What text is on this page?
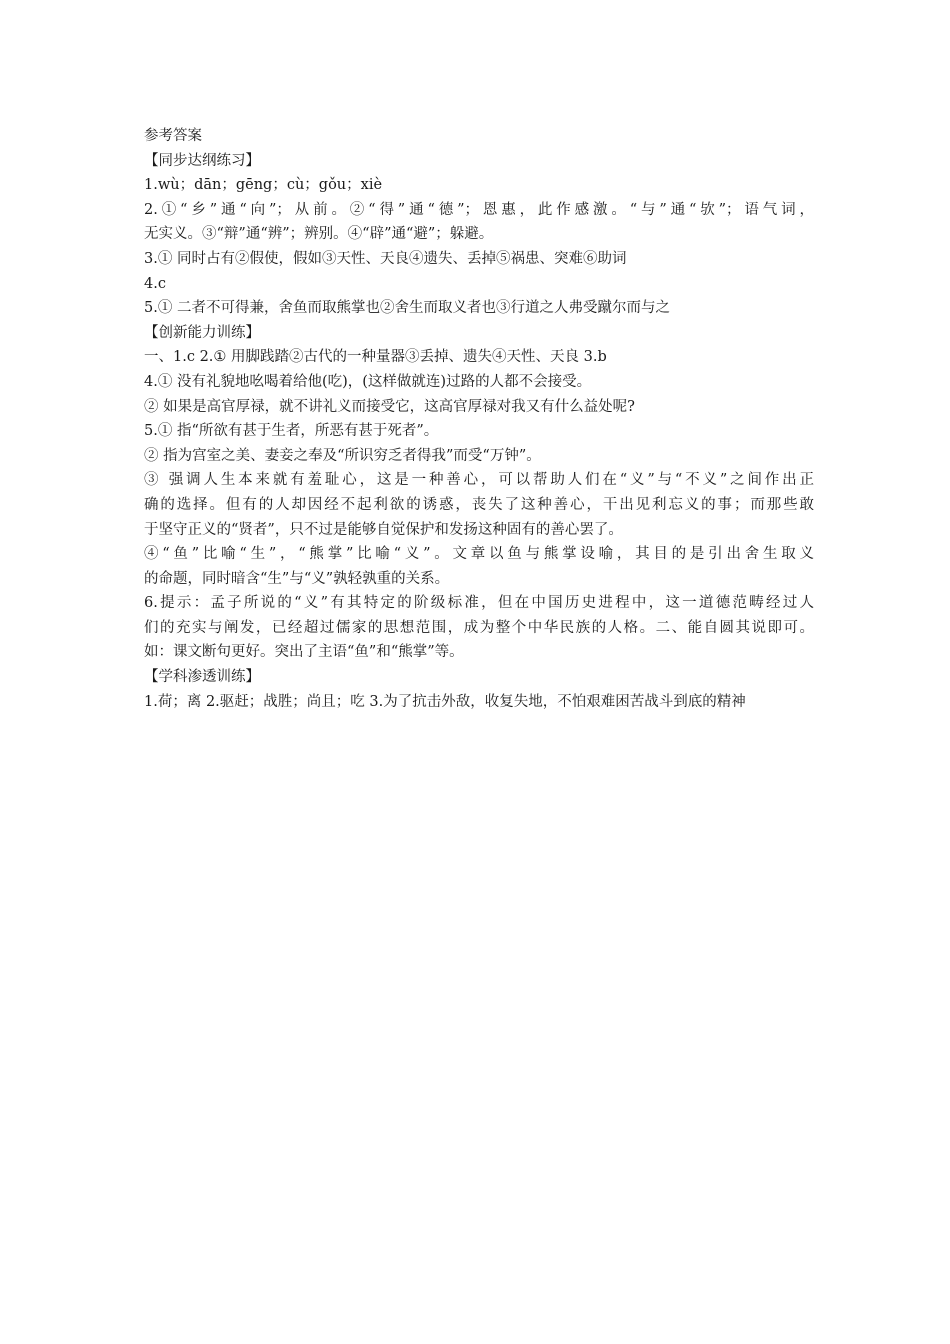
参考答案
【同步达纲练习】
1.wù；dān；gēng；cù；gǒu；xiè
2.①“乡”通“向”；从前。②“得”通“德”；恩惠，此作感激。“与”通“欤”；语气词，
无实义。③“辩”通“辨”；辨别。④“辟”通“避”；躲避。
3.① 同时占有②假使，假如③天性、天良④遗失、丢掉⑤祸患、突难⑥助词
4.c
5.① 二者不可得兼，舍鱼而取熊掌也②舍生而取义者也③行道之人弗受蹴尔而与之
【创新能力训练】
一、1.c 2.① 用脚践踏②古代的一种量器③丢掉、遗失④天性、天良 3.b
4.① 没有礼貌地吆喝着给他(吃)，(这样做就连)过路的人都不会接受。
② 如果是高官厚禄，就不讲礼义而接受它，这高官厚禄对我又有什么益处呢?
5.① 指“所欲有甚于生者，所恶有甚于死者”。
② 指为宫室之美、妻妾之奉及“所识穷乏者得我”而受“万钟”。
③ 强调人生本来就有羞耻心，这是一种善心，可以帮助人们在“义”与“不义”之间作出正
确的选择。但有的人却因经不起利欲的诱惑，丧失了这种善心，干出见利忘义的事；而那些敢
于坚守正义的“贤者”，只不过是能够自觉保护和发扬这种固有的善心罢了。
④“鱼”比喻“生”，“熊掌”比喻“义”。文章以鱼与熊掌设喻，其目的是引出舍生取义
的命题，同时暗含“生”与“义”孰轻孰重的关系。
6.提示：孟子所说的“义”有其特定的阶级标准，但在中国历史进程中，这一道德范畴经过人
们的充实与阐发，已经超过儒家的思想范围，成为整个中华民族的人格。二、能自圆其说即可。
如：课文断句更好。突出了主语“鱼”和“熊掌”等。
【学科渗透训练】
1.荷；离 2.驱赶；战胜；尚且；吃 3.为了抗击外敌，收复失地，不怕艰难困苦战斗到底的精神
